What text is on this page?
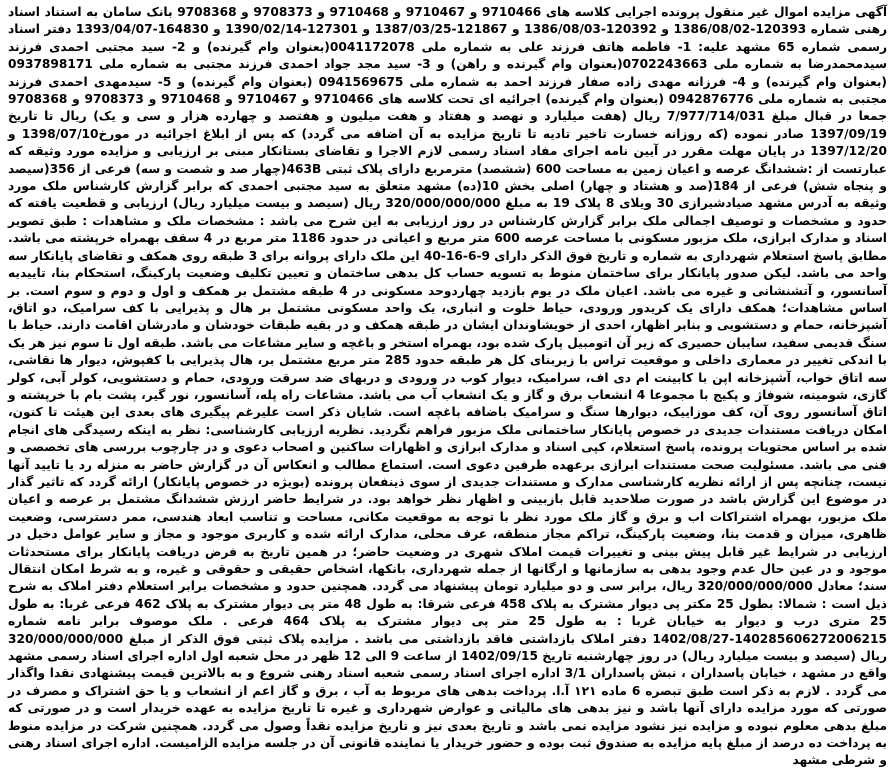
آگهی مزایده اموال غیر منقول پرونده اجرایی کلاسه های 9710466 و 9710467 و 9710468 و 9708373 و 9708368 بانک سامان به استناد اسناد رهنی شماره 120393-1386/08/02 و 120392-1386/08/03 و 121867-1387/03/25 و 127301-1390/02/14 و 164830-1393/04/07 دفتر اسناد رسمی شماره 65 مشهد علیه: 1- فاطمه هاتف فرزند علی به شماره ملی 0041172078(بعنوان وام گیرنده) و 2- سید مجتبی احمدی فرزند سیدمحمدرضا به شماره ملی 0702243663(بعنوان وام گیرنده و راهن) و 3- سید مجد جواد احمدی فرزند مجتبی به شماره ملی 0937898171 (بعنوان وام گیرنده) و 4- فرزانه مهدی زاده صفار فرزند احمد به شماره ملی 0941569675 (بعنوان وام گیرنده) و 5- سیدمهدی احمدی فرزند مجتبی به شماره ملی 0942876776 (بعنوان وام گیرنده) اجرائیه ای تحت کلاسه های 9710466 و 9710467 و 9710468 و 9708373 و 9708368 جمعا در قبال مبلغ 7/977/714/031 ریال (هفت میلیارد و نهصد و هفتاد و هفت میلیون و هفتصد و چهارده هزار و سی و یک) ریال تا تاریخ 1397/09/19 صادر نموده (که روزانه خسارت تاخیر تادیه تا تاریخ مزایده به آن اضافه می گردد) که پس از ابلاغ اجرائیه در مورخ1398/07/10 و 1397/12/20 در پایان مهلت مقرر در آیین نامه اجرای مفاد اسناد رسمی لازم الاجرا و تقاضای بستانکار مبنی بر ارزیابی و مزایده مورد وثیقه که عبارتست از :ششدانگ عرصه و اعیان زمین به مساحت 600 (ششصد) مترمربع دارای پلاک ثبتی 463B(چهار صد و شصت و سه) فرعی از 356(سیصد و پنجاه شش) فرعی از 184(صد و هشتاد و چهار) اصلی بخش 10(ده) مشهد متعلق به سید مجتبی احمدی که برابر گزارش کارشناس ملک مورد وثیقه به آدرس مشهد صیادشیرازی 30 ویلای 8 پلاک 19 به مبلغ 320/000/000/000 ریال (سیصد و بیست میلیارد ریال) ارزیابی و قطعیت یافته که حدود و مشخصات و توصیف اجمالی ملک برابر گزارش کارشناس در روز ارزیابی به این شرح می باشد : مشخصات ملک و مشاهدات : طبق تصویر اسناد و مدارک ابرازی، ملک مزبور مسکونی با مساحت عرصه 600 متر مربع و اعیانی در حدود 1186 متر مربع در 4 سقف بهمراه خرپشته می باشد. مطابق پاسخ استعلام شهرداری به شماره و تاریخ فوق الذکر دارای 9-6-16-40 این ملک دارای پروانه برای 3 طبقه روی همکف و تقاضای پایانکار سه واحد می باشد. لیکن صدور پایانکار برای ساختمان منوط به تسویه حساب کل بدهی ساختمان و تعیین تکلیف وضعیت پارکینگ، استحکام بنا، تاییدیه آسانسور، و آتشنشانی و غیره می باشد. اعیان ملک در یوم بازدید چهاردوحد مسکونی در 4 طبقه مشتمل بر همکف و اول و دوم و سوم است. بر اساس مشاهدات؛ همکف دارای یک کریدور ورودی، حیاط خلوت و انباری، یک واحد مسکونی مشتمل بر هال و پذیرایی با کف سرامیک، دو اتاق، آشپزخانه، حمام و دستشویی و بنابر اظهار، احدی از خویشاوندان ایشان در طبقه همکف و در بقیه طبقات خودشان و مادرشان اقامت دارند. حیاط با سنگ قدیمی سفید، سایبان حصیری که زیر آن اتومبیل پارک شده بود، بهمراه استخر و باغچه و سایر مشاعات می باشد. طبقه اول تا سوم نیز هر یک با اندکی تغییر در معماری داخلی و موقعیت تراس با زیربنای کل هر طبقه حدود 285 متر مربع مشتمل بر، هال پذیرایی با کفپوش، دیوار ها نقاشی، سه اتاق خواب، آشپزخانه اپن با کابینت ام دی اف، سرامیک، دیوار کوب در ورودی و دربهای ضد سرقت ورودی، حمام و دستشویی، کولر آبی، کولر گازی، شومینه، شوفاژ و پکیج با مجموعا 4 انشعاب برق و گاز و یک انشعاب آب می باشد. مشاعات راه پله، آسانسور، نور گیر، پشت بام با خرپشته و اتاق آسانسور روی آن، کف موزاییک، دیوارها سنگ و سرامیک باضافه باغچه است. شایان ذکر است علیرغم پیگیری های بعدی این هیئت تا کنون، امکان دریافت مستندات جدیدی در خصوص پایانکار ساختمانی ملک مزبور فراهم نگردید. نظریه ارزیابی کارشناسی: نظر به اینکه رسیدگی های انجام شده بر اساس محتویات پرونده، پاسخ استعلام، کپی اسناد و مدارک ابرازی و اظهارات ساکنین و اصحاب دعوی و در چارچوب بررسی های تخصصی و فنی می باشد. مسئولیت صحت مستندات ابرازی برعهده طرفین دعوی است. استماع مطالب و انعکاس آن در گزارش حاضر به منزله رد یا تایید آنها نیست، چنانچه پس از ارائه نظریه کارشناسی مدارک و مستندات جدیدی از سوی ذینفعان پرونده (بویژه در خصوص پایانکار) ارائه گردد که تاثیر گذار در موضوع این گزارش باشد در صورت صلاحدید قابل بازبینی و اظهار نظر خواهد بود. در شرایط حاضر ارزش ششدانگ مشتمل بر عرصه و اعیان ملک مزبور، بهمراه اشتراکات اب و برق و گاز ملک مورد نظر با توجه به موقعیت مکانی، مساحت و تناسب ابعاد هندسی، ممر دسترسی، وضعیت ظاهری، میزان و قدمت بنا، وضعیت پارکینگ، تراکم مجاز منطقه، عرف محلی، مدارک ارائه شده و کاربری موجود و مجاز و سایر عوامل دخیل در ارزیابی در شرایط غیر قابل پیش بینی و تغییرات قیمت املاک شهری در وضعیت حاضر؛ در همین تاریخ به فرض دریافت پایانکار برای مستحدثات موجود و در عین حال عدم وجود بدهی به سازمانها و ارگانها از جمله شهرداری، بانکها، اشخاص حقیقی و حقوقی و غیره، و به شرط امکان انتقال سند؛ معادل 320/000/000/000 ریال، برابر سی و دو میلیارد تومان پیشنهاد می گردد. همچنین حدود و مشخصات برابر استعلام دفتر املاک به شرح ذیل است : شمالا: بطول 25 مکتر پی دیوار مشترک به پلاک 458 فرعی شرقا: به طول 48 متر پی دیوار مشترک به پلاک 462 فرعی غربا: به طول 25 متری درب و دیوار به خیابان غربا : به طول 25 متر پی دیوار مشترک به پلاک 464 فرعی . ملک موصوف برابر نامه شماره 140285606272006215-1402/08/27 دفتر املاک بازداشتی فاقد بازداشتی می باشد . مزایده پلاک ثبتی فوق الذکر از مبلغ 320/000/000/000 ریال (سیصد و بیست میلیارد ریال) در روز چهارشنبه تاریخ 1402/09/15 از ساعت 9 الی 12 ظهر در محل شعبه اول اداره اجرای اسناد رسمی مشهد واقع در مشهد ، خیابان پاسداران ، نبش پاسداران 3/1 اداره اجرای اسناد رسمی شعبه اسناد رهنی شروع و به بالاترین قیمت پیشنهادی نقدا واگذار می گردد . لازم به ذکر است طبق تبصره 6 ماده ۱۲۱ آ.ا. پرداخت بدهی های مربوط به آب ، برق و گاز اعم از انشعاب و یا حق اشتراک و مصرف در صورتی که مورد مزایده دارای آنها باشد و نیز بدهی های مالیاتی و عوارض شهرداری و غیره تا تاریخ مزایده به عهده خریدار است و در صورتی که مبلغ بدهی معلوم نبوده و مزایده نیز نشود مزایده نمی باشد و تاریخ بعدی نیز و تاریخ مزایده نقداً وصول می گردد. همچنین شرکت در مزایده منوط به پرداخت ده درصد از مبلغ پایه مزایده به صندوق ثبت بوده و حضور خریدار یا نماینده قانونی آن در جلسه مزایده الزامیست. اداره اجرای اسناد رهنی و شرطی مشهد
